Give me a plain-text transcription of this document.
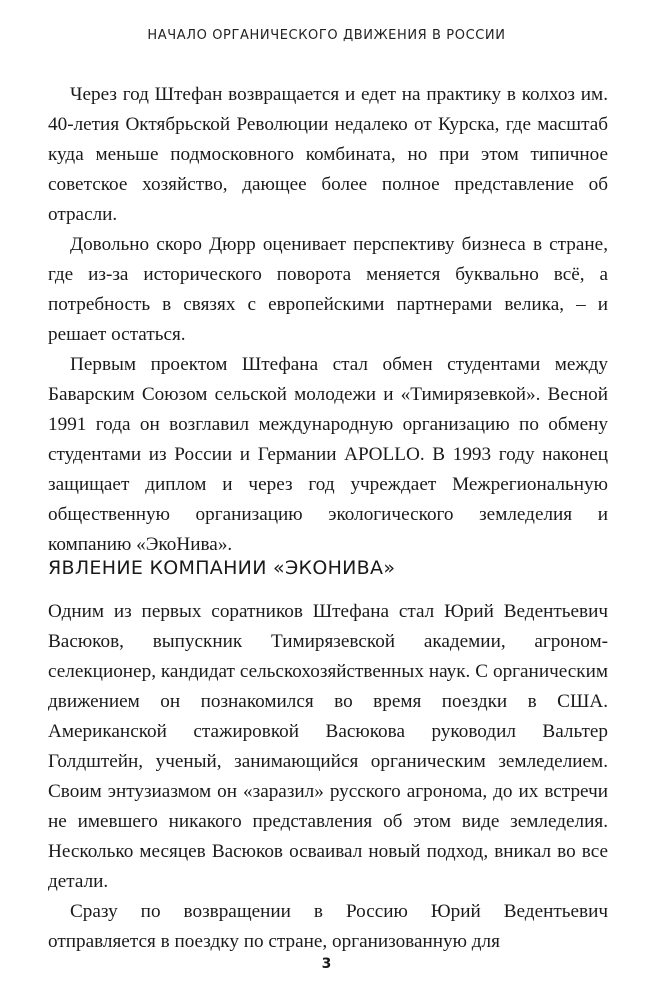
НАЧАЛО ОРГАНИЧЕСКОГО ДВИЖЕНИЯ В РОССИИ

Через год Штефан возвращается и едет на практику в колхоз им. 40-летия Октябрьской Революции недалеко от Курска, где масштаб куда меньше подмосковного комбината, но при этом типичное советское хозяйство, дающее более полное представление об отрасли.

Довольно скоро Дюрр оценивает перспективу бизнеса в стране, где из-за исторического поворота меняется буквально всё, а потребность в связях с европейскими партнерами велика, – и решает остаться.

Первым проектом Штефана стал обмен студентами между Баварским Союзом сельской молодежи и «Тимирязевкой». Весной 1991 года он возглавил международную организацию по обмену студентами из России и Германии APOLLO. В 1993 году наконец защищает диплом и через год учреждает Межрегиональную общественную организацию экологического земледелия и компанию «ЭкоНива».

ЯВЛЕНИЕ КОМПАНИИ «ЭКОНИВА»

Одним из первых соратников Штефана стал Юрий Ведентьевич Васюков, выпускник Тимирязевской академии, агроном-селекционер, кандидат сельскохозяйственных наук. С органическим движением он познакомился во время поездки в США. Американской стажировкой Васюкова руководил Вальтер Голдштейн, ученый, занимающийся органическим земледелием. Своим энтузиазмом он «заразил» русского агронома, до их встречи не имевшего никакого представления об этом виде земледелия. Несколько месяцев Васюков осваивал новый подход, вникал во все детали.

Сразу по возвращении в Россию Юрий Ведентьевич отправляется в поездку по стране, организованную для

3
